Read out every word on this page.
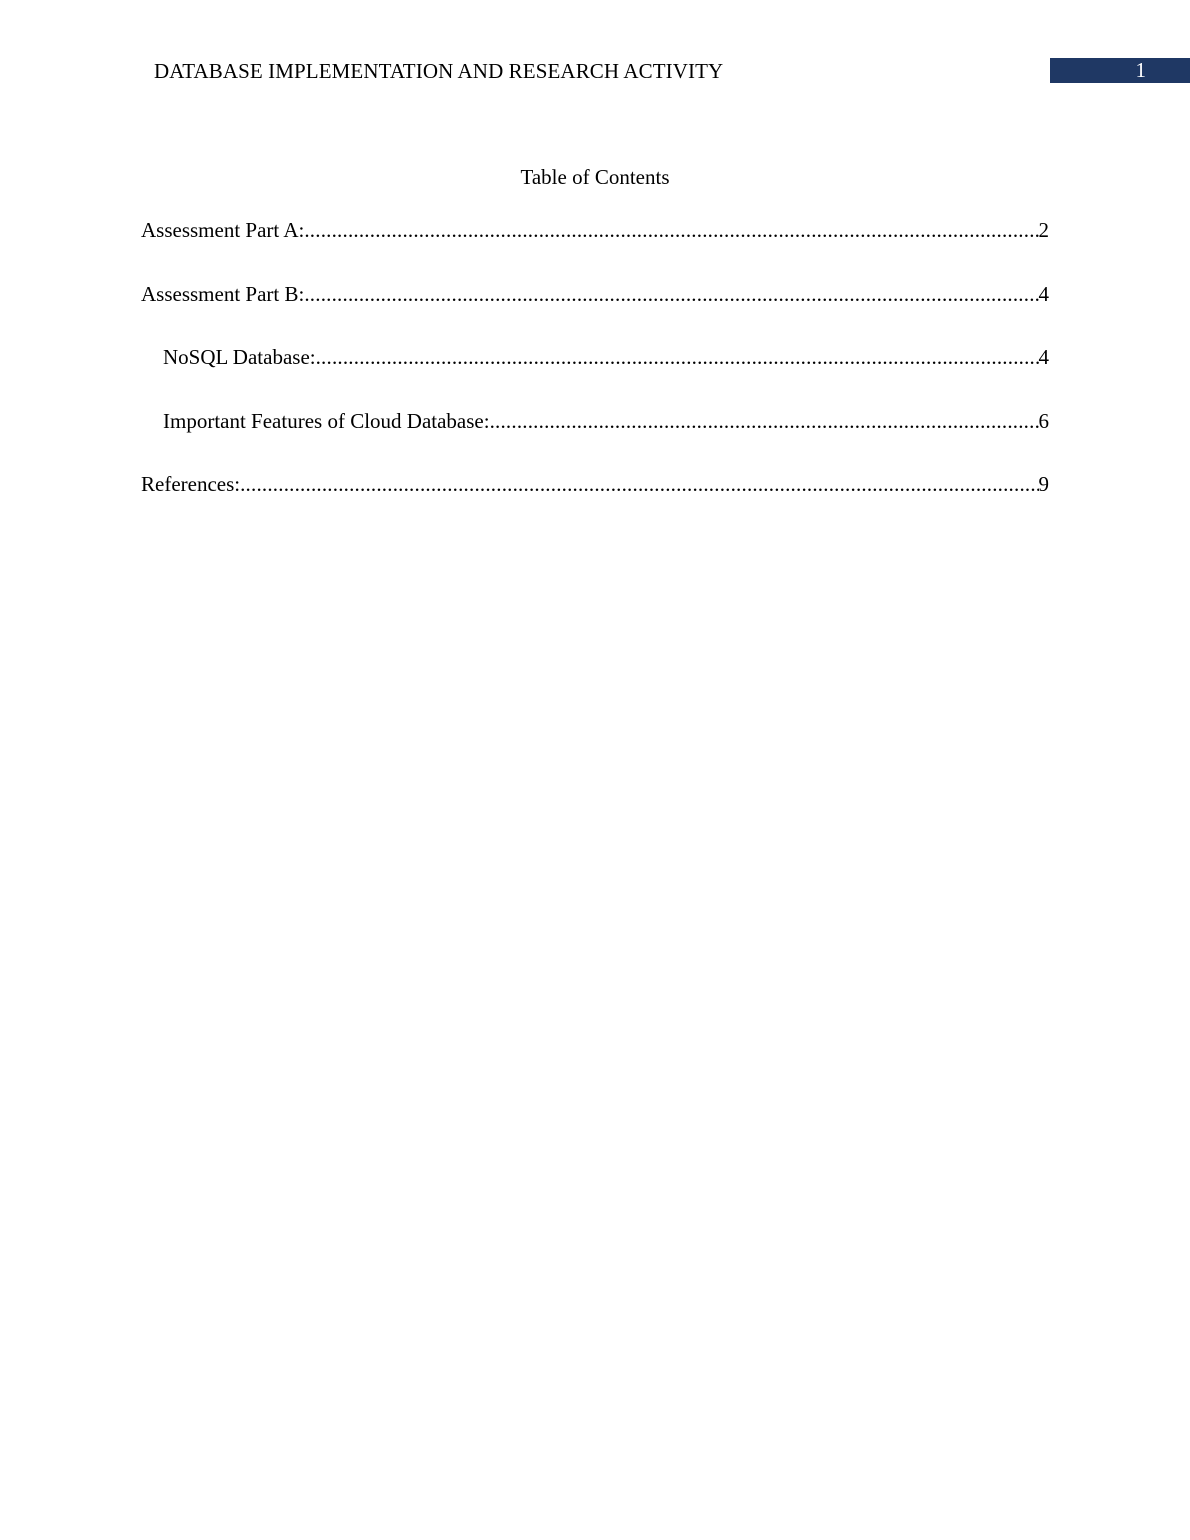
DATABASE IMPLEMENTATION AND RESEARCH ACTIVITY	1
Table of Contents
Assessment Part A: .....	2
Assessment Part B: .....	4
NoSQL Database: .....	4
Important Features of Cloud Database: .....	6
References: .....	9
